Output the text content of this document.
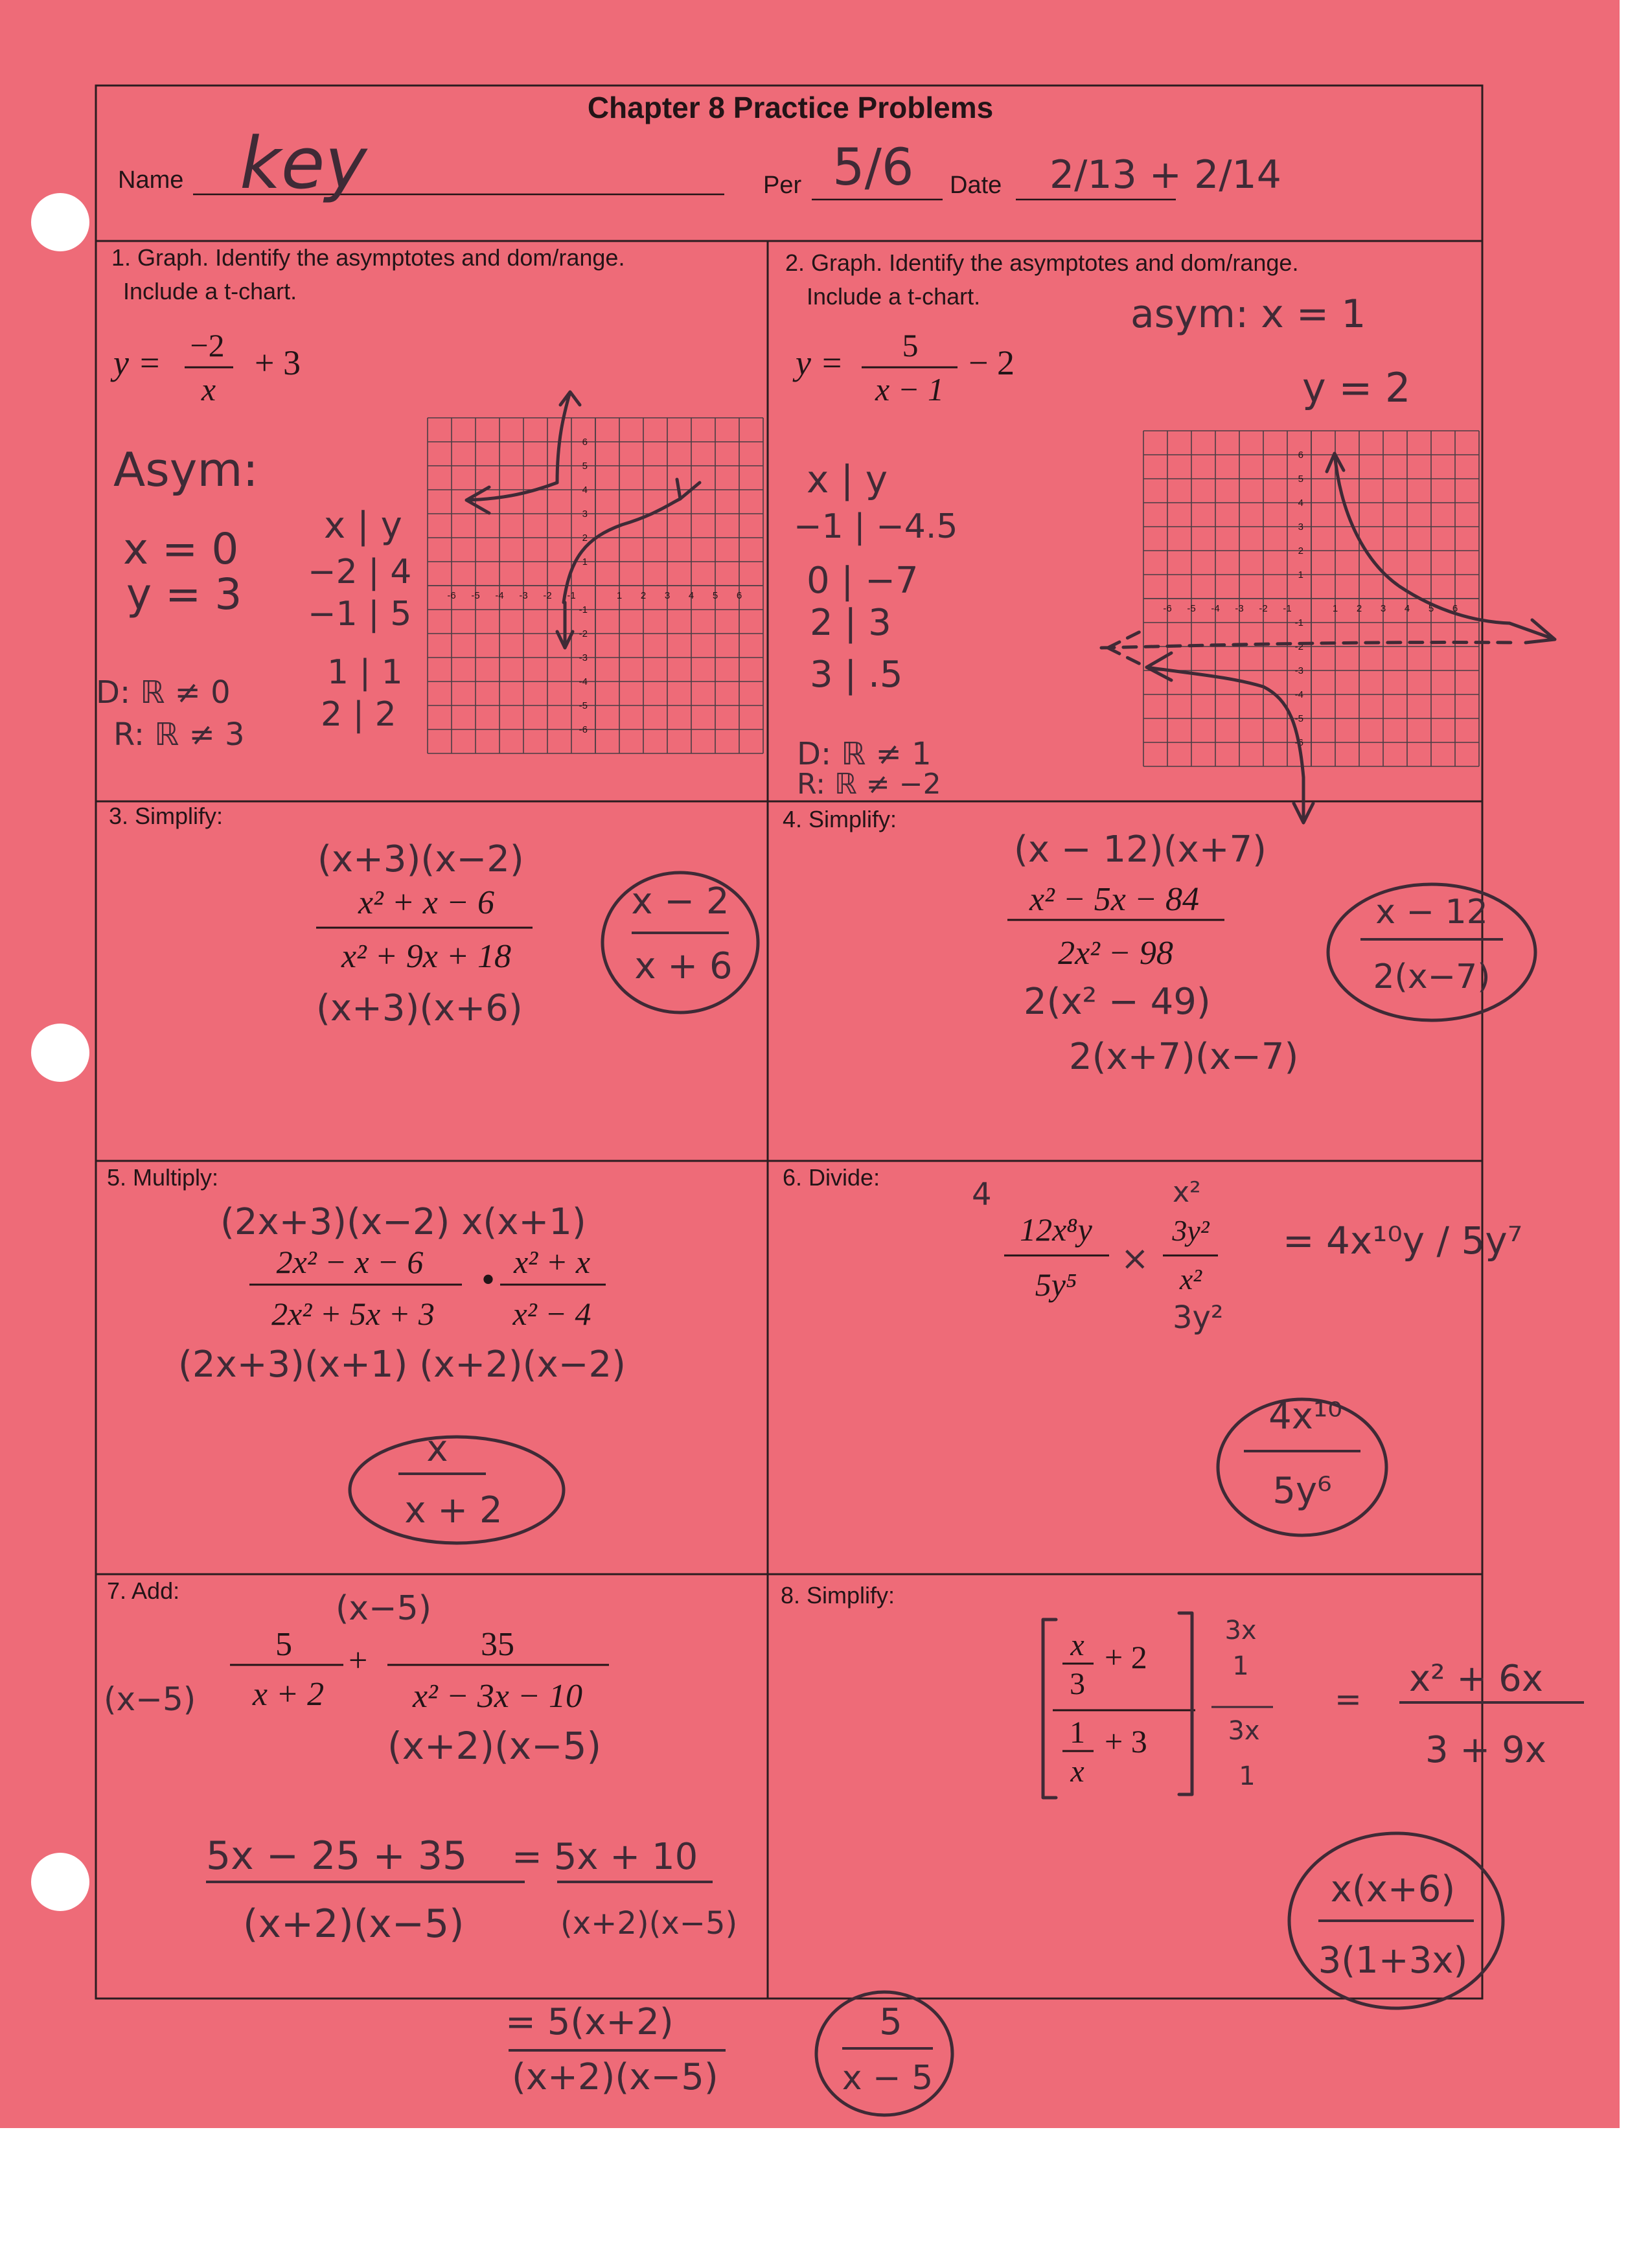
Chapter 8 Practice Problems
Name key	Per 5/6 Date 2/13 + 2/14
1. Graph. Identify the asymptotes and dom/range.
Include a t-chart.
y = −2
x
+ 3
Asym:
x = 0
y = 3
x | y
−2 | 4
−1 | 5
1 | 1
2 | 2
D: ℝ ≠ 0
R: ℝ ≠ 3
-6
-6
-5
-5
-4
-4
-3
-3
-2
-2
-1
-1
1
1
2
2
3
3
4
4
5
5
6
6
2. Graph. Identify the asymptotes and dom/range.
Include a t-chart.
y = 5
x − 1
− 2
asym: x = 1
y = 2
x | y
−1 | −4.5
0 | −7
2 | 3
3 | .5
D: ℝ ≠ 1
R: ℝ ≠ −2
-6
-6
-5
-5
-4
-4
-3
-3
-2
-2
-1
-1
1
1
2
2
3
3
4
4
5
5
6
6
3. Simplify:
(x+3)(x−2)
x² + x − 6
x² + 9x + 18
(x+3)(x+6)
x − 2
x + 6
4. Simplify:
(x − 12)(x+7)
x² − 5x − 84
2x² − 98
2(x² − 49)
2(x+7)(x−7)
x − 12
2(x−7)
5. Multiply:
(2x+3)(x−2) x(x+1)
2x² − x − 6
2x² + 5x + 3
• x² + x
x² − 4
(2x+3)(x+1) (x+2)(x−2)
x
x + 2
6. Divide:	4
12x⁸y
5y⁵
×
x²
3y²
x²
3y²
= 4x¹⁰y / 5y⁷
4x¹⁰
5y⁶
7. Add:	(x−5)
5
x + 2
(x−5)
+	35
x² − 3x − 10
(x+2)(x−5)
5x − 25 + 35
(x+2)(x−5)
= 5x + 10
(x+2)(x−5)
= 5(x+2)
(x+2)(x−5)
5
x − 5
8. Simplify:
x
3
+ 2
1
x
+ 3
3x
1
3x
1
= x² + 6x
3 + 9x
x(x+6)
3(1+3x)
